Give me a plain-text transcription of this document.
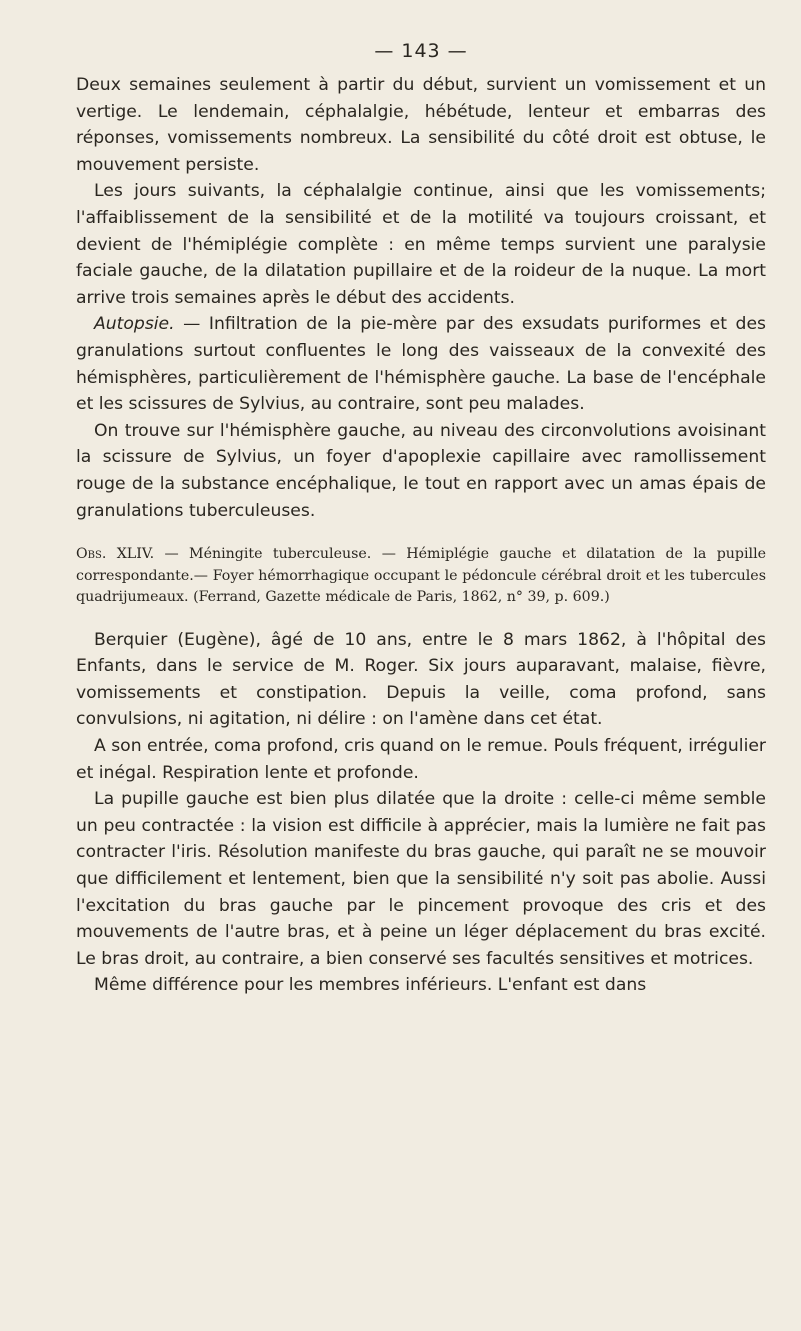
— 143 —

Deux semaines seulement à partir du début, survient un vomissement et un vertige. Le lendemain, céphalalgie, hébétude, lenteur et embarras des réponses, vomissements nombreux. La sensibilité du côté droit est obtuse, le mouvement persiste.

Les jours suivants, la céphalalgie continue, ainsi que les vomissements; l'affaiblissement de la sensibilité et de la motilité va toujours croissant, et devient de l'hémiplégie complète : en même temps survient une paralysie faciale gauche, de la dilatation pupillaire et de la roideur de la nuque. La mort arrive trois semaines après le début des accidents.

Autopsie. — Infiltration de la pie-mère par des exsudats puriformes et des granulations surtout confluentes le long des vaisseaux de la convexité des hémisphères, particulièrement de l'hémisphère gauche. La base de l'encéphale et les scissures de Sylvius, au contraire, sont peu malades.

On trouve sur l'hémisphère gauche, au niveau des circonvolutions avoisinant la scissure de Sylvius, un foyer d'apoplexie capillaire avec ramollissement rouge de la substance encéphalique, le tout en rapport avec un amas épais de granulations tuberculeuses.

Obs. XLIV. — Méningite tuberculeuse. — Hémiplégie gauche et dilatation de la pupille correspondante.— Foyer hémorrhagique occupant le pédoncule cérébral droit et les tubercules quadrijumeaux. (Ferrand, Gazette médicale de Paris, 1862, n° 39, p. 609.)

Berquier (Eugène), âgé de 10 ans, entre le 8 mars 1862, à l'hôpital des Enfants, dans le service de M. Roger. Six jours auparavant, malaise, fièvre, vomissements et constipation. Depuis la veille, coma profond, sans convulsions, ni agitation, ni délire : on l'amène dans cet état.

A son entrée, coma profond, cris quand on le remue. Pouls fréquent, irrégulier et inégal. Respiration lente et profonde.

La pupille gauche est bien plus dilatée que la droite : celle-ci même semble un peu contractée : la vision est difficile à apprécier, mais la lumière ne fait pas contracter l'iris. Résolution manifeste du bras gauche, qui paraît ne se mouvoir que difficilement et lentement, bien que la sensibilité n'y soit pas abolie. Aussi l'excitation du bras gauche par le pincement provoque des cris et des mouvements de l'autre bras, et à peine un léger déplacement du bras excité. Le bras droit, au contraire, a bien conservé ses facultés sensitives et motrices.

Même différence pour les membres inférieurs. L'enfant est dans
